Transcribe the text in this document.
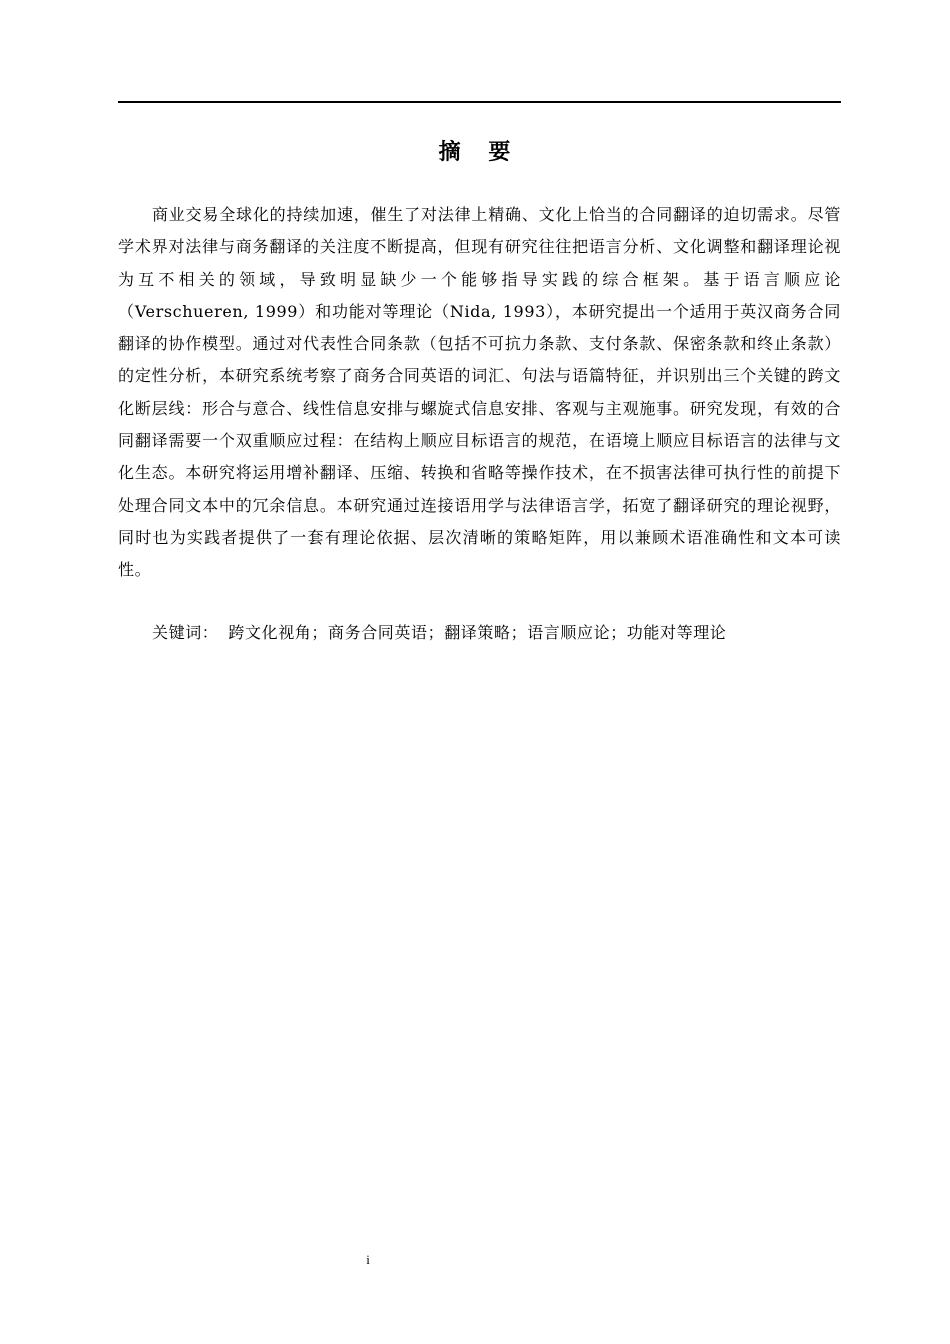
摘 要

商业交易全球化的持续加速，催生了对法律上精确、文化上恰当的合同翻译的迫切需求。尽管学术界对法律与商务翻译的关注度不断提高，但现有研究往往把语言分析、文化调整和翻译理论视为互不相关的领域，导致明显缺少一个能够指导实践的综合框架。基于语言顺应论（Verschueren, 1999）和功能对等理论（Nida, 1993），本研究提出一个适用于英汉商务合同翻译的协作模型。通过对代表性合同条款（包括不可抗力条款、支付条款、保密条款和终止条款）的定性分析，本研究系统考察了商务合同英语的词汇、句法与语篇特征，并识别出三个关键的跨文化断层线：形合与意合、线性信息安排与螺旋式信息安排、客观与主观施事。研究发现，有效的合同翻译需要一个双重顺应过程：在结构上顺应目标语言的规范，在语境上顺应目标语言的法律与文化生态。本研究将运用增补翻译、压缩、转换和省略等操作技术，在不损害法律可执行性的前提下处理合同文本中的冗余信息。本研究通过连接语用学与法律语言学，拓宽了翻译研究的理论视野，同时也为实践者提供了一套有理论依据、层次清晰的策略矩阵，用以兼顾术语准确性和文本可读性。

关键词： 跨文化视角；商务合同英语；翻译策略；语言顺应论；功能对等理论
i
